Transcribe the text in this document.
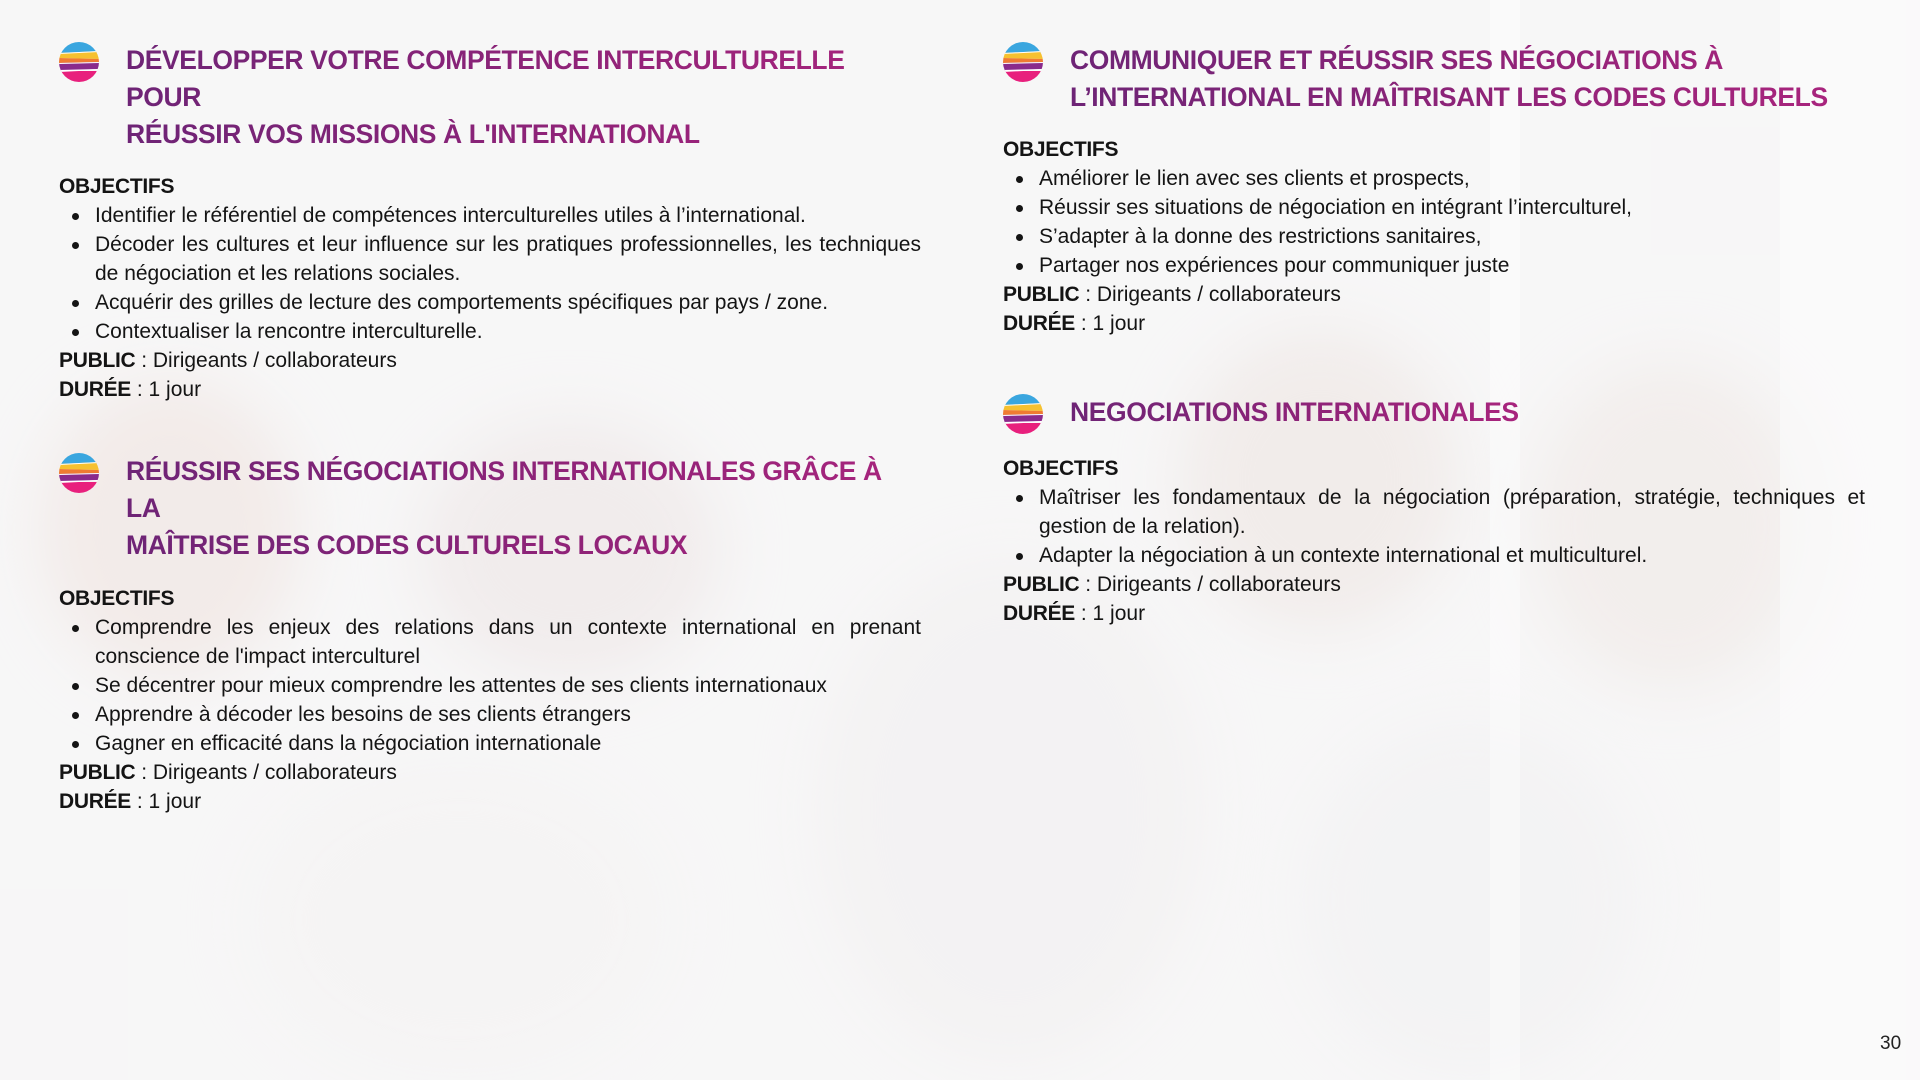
DÉVELOPPER VOTRE COMPÉTENCE INTERCULTURELLE POUR
RÉUSSIR VOS MISSIONS À L'INTERNATIONAL
OBJECTIFS
Identifier le référentiel de compétences interculturelles utiles à l’international.
Décoder les cultures et leur influence sur les pratiques professionnelles, les techniques de négociation et les relations sociales.
Acquérir des grilles de lecture des comportements spécifiques par pays / zone.
Contextualiser la rencontre interculturelle.
PUBLIC : Dirigeants / collaborateurs
DURÉE : 1 jour
RÉUSSIR SES NÉGOCIATIONS INTERNATIONALES GRÂCE À LA
MAÎTRISE DES CODES CULTURELS LOCAUX
OBJECTIFS
Comprendre les enjeux des relations dans un contexte international en prenant conscience de l'impact interculturel
Se décentrer pour mieux comprendre les attentes de ses clients internationaux
Apprendre à décoder les besoins de ses clients étrangers
Gagner en efficacité dans la négociation internationale
PUBLIC : Dirigeants / collaborateurs
DURÉE : 1 jour
COMMUNIQUER ET RÉUSSIR SES NÉGOCIATIONS À
L’INTERNATIONAL EN MAÎTRISANT LES CODES CULTURELS
OBJECTIFS
Améliorer le lien avec ses clients et prospects,
Réussir ses situations de négociation en intégrant l’interculturel,
S’adapter à la donne des restrictions sanitaires,
Partager nos expériences pour communiquer juste
PUBLIC : Dirigeants / collaborateurs
DURÉE : 1 jour
NEGOCIATIONS INTERNATIONALES
OBJECTIFS
Maîtriser les fondamentaux de la négociation (préparation, stratégie, techniques et gestion de la relation).
Adapter la négociation à un contexte international et multiculturel.
PUBLIC : Dirigeants / collaborateurs
DURÉE : 1 jour
30
